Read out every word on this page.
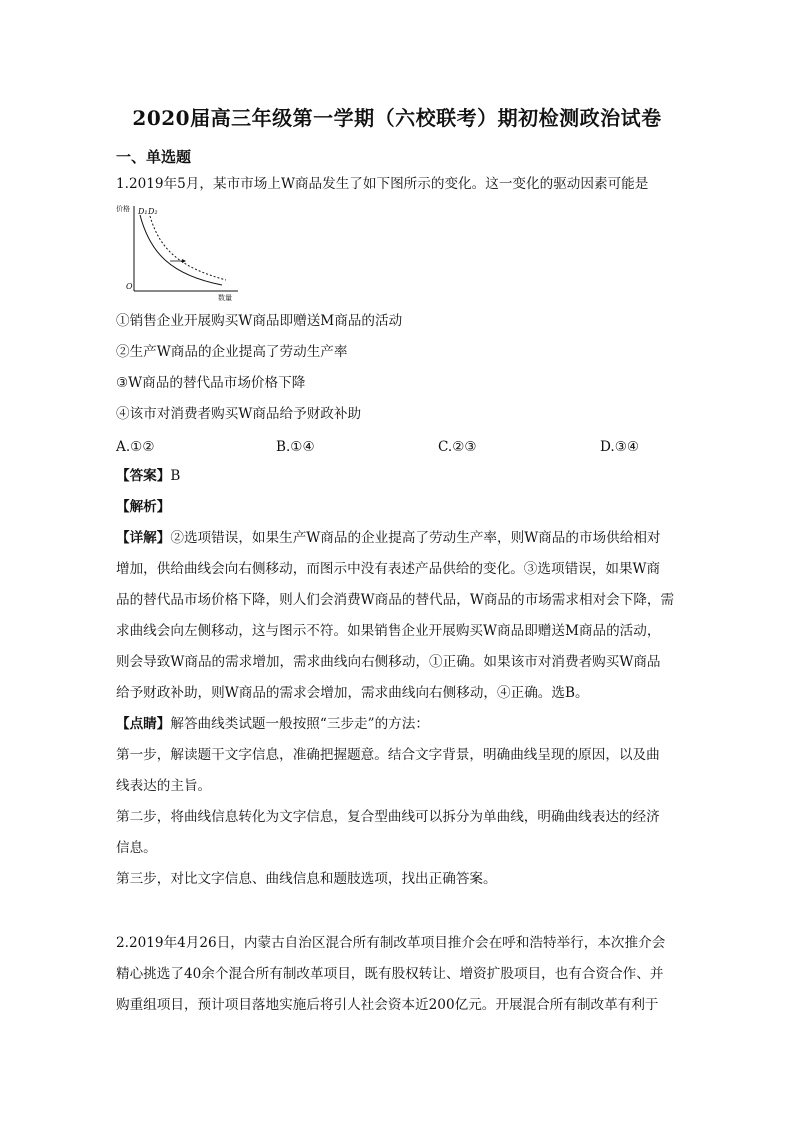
2020届高三年级第一学期（六校联考）期初检测政治试卷
一、单选题
1.2019年5月，某市市场上W商品发生了如下图所示的变化。这一变化的驱动因素可能是
价格 D₁ D₂
O
数量
①销售企业开展购买W商品即赠送M商品的活动
②生产W商品的企业提高了劳动生产率
③W商品的替代品市场价格下降
④该市对消费者购买W商品给予财政补助
A.①②	B.①④	C.②③	D.③④
【答案】B
【解析】
【详解】②选项错误，如果生产W商品的企业提高了劳动生产率，则W商品的市场供给相对
增加，供给曲线会向右侧移动，而图示中没有表述产品供给的变化。③选项错误，如果W商
品的替代品市场价格下降，则人们会消费W商品的替代品，W商品的市场需求相对会下降，需
求曲线会向左侧移动，这与图示不符。如果销售企业开展购买W商品即赠送M商品的活动，
则会导致W商品的需求增加，需求曲线向右侧移动，①正确。如果该市对消费者购买W商品
给予财政补助，则W商品的需求会增加，需求曲线向右侧移动，④正确。选B。
【点睛】解答曲线类试题一般按照“三步走”的方法：
第一步，解读题干文字信息，准确把握题意。结合文字背景，明确曲线呈现的原因，以及曲
线表达的主旨。
第二步，将曲线信息转化为文字信息，复合型曲线可以拆分为单曲线，明确曲线表达的经济
信息。
第三步，对比文字信息、曲线信息和题肢选项，找出正确答案。
2.2019年4月26日，内蒙古自治区混合所有制改革项目推介会在呼和浩特举行，本次推介会
精心挑选了40余个混合所有制改革项目，既有股权转让、增资扩股项目，也有合资合作、并
购重组项目，预计项目落地实施后将引人社会资本近200亿元。开展混合所有制改革有利于
